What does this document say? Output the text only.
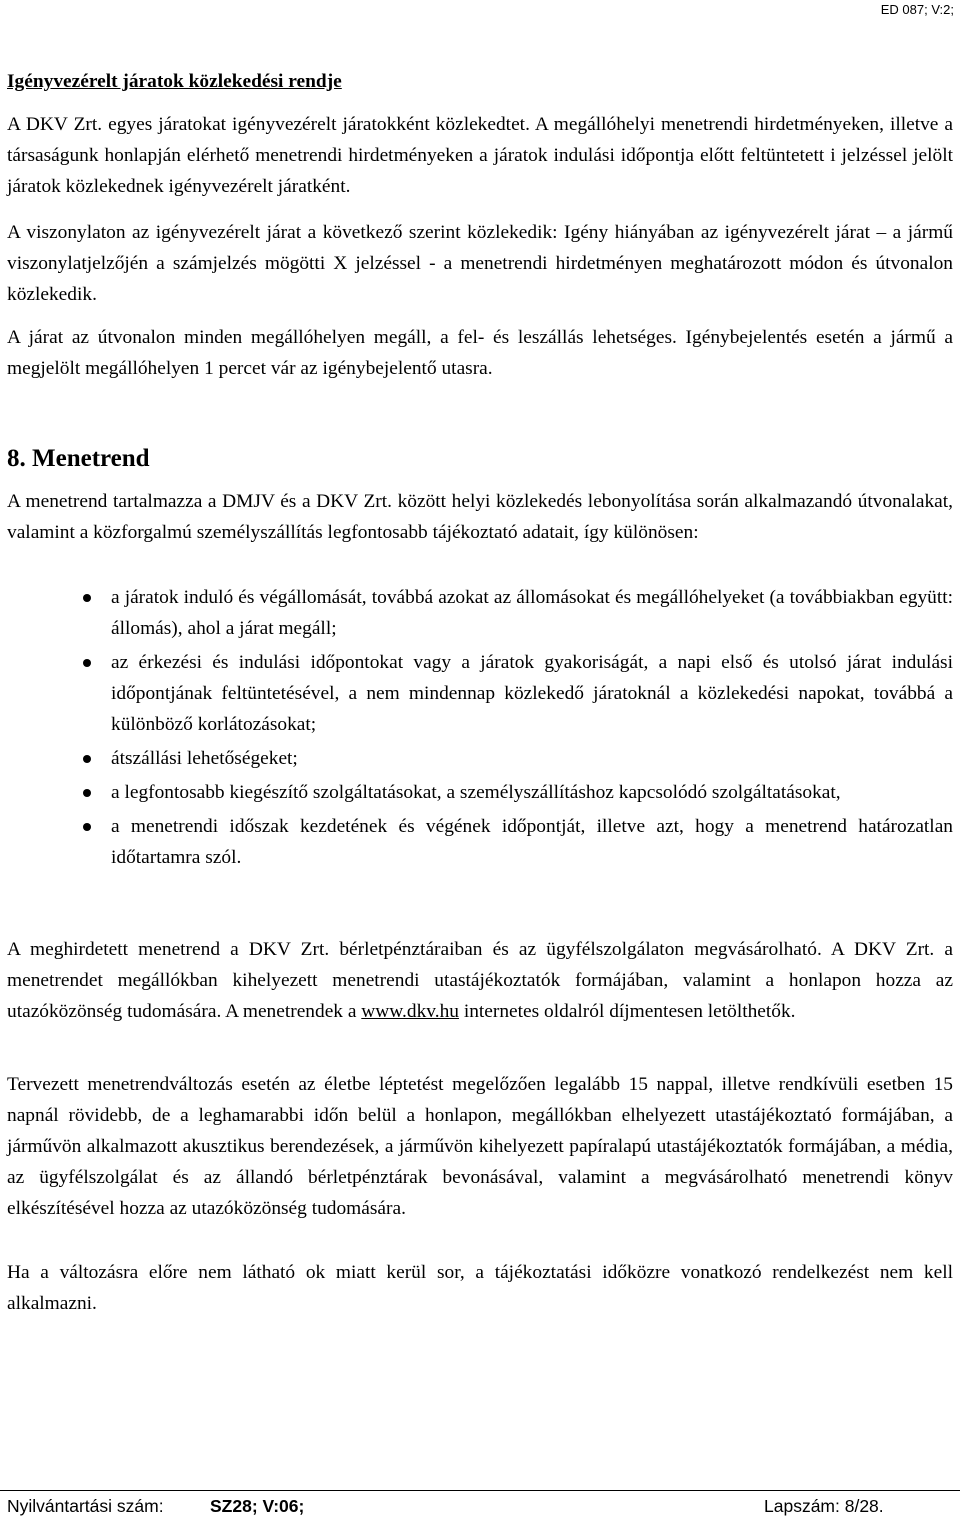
ED 087; V:2;
Igényvezérelt járatok közlekedési rendje

A DKV Zrt. egyes járatokat igényvezérelt járatokként közlekedtet. A megállóhelyi menetrendi hirdetményeken, illetve a társaságunk honlapján elérhető menetrendi hirdetményeken a járatok indulási időpontja előtt feltüntetett i jelzéssel jelölt járatok közlekednek igényvezérelt járatként.

A viszonylaton az igényvezérelt járat a következő szerint közlekedik: Igény hiányában az igényvezérelt járat – a jármű viszonylatjelzőjén a számjelzés mögötti X jelzéssel - a menetrendi hirdetményen meghatározott módon és útvonalon közlekedik.

A járat az útvonalon minden megállóhelyen megáll, a fel- és leszállás lehetséges. Igénybejelentés esetén a jármű a megjelölt megállóhelyen 1 percet vár az igénybejelentő utasra.

8. Menetrend

A menetrend tartalmazza a DMJV és a DKV Zrt. között helyi közlekedés lebonyolítása során alkalmazandó útvonalakat, valamint a közforgalmú személyszállítás legfontosabb tájékoztató adatait, így különösen:

a járatok induló és végállomását, továbbá azokat az állomásokat és megállóhelyeket (a továbbiakban együtt: állomás), ahol a járat megáll;
az érkezési és indulási időpontokat vagy a járatok gyakoriságát, a napi első és utolsó járat indulási időpontjának feltüntetésével, a nem mindennap közlekedő járatoknál a közlekedési napokat, továbbá a különböző korlátozásokat;
átszállási lehetőségeket;
a legfontosabb kiegészítő szolgáltatásokat, a személyszállításhoz kapcsolódó szolgáltatásokat,
a menetrendi időszak kezdetének és végének időpontját, illetve azt, hogy a menetrend határozatlan időtartamra szól.

A meghirdetett menetrend a DKV Zrt. bérletpénztáraiban és az ügyfélszolgálaton megvásárolható. A DKV Zrt. a menetrendet megállókban kihelyezett menetrendi utastájékoztatók formájában, valamint a honlapon hozza az utazóközönség tudomására. A menetrendek a www.dkv.hu internetes oldalról díjmentesen letölthetők.

Tervezett menetrendváltozás esetén az életbe léptetést megelőzően legalább 15 nappal, illetve rendkívüli esetben 15 napnál rövidebb, de a leghamarabbi időn belül a honlapon, megállókban elhelyezett utastájékoztató formájában, a járművön alkalmazott akusztikus berendezések, a járművön kihelyezett papíralapú utastájékoztatók formájában, a média, az ügyfélszolgálat és az állandó bérletpénztárak bevonásával, valamint a megvásárolható menetrendi könyv elkészítésével hozza az utazóközönség tudomására.

Ha a változásra előre nem látható ok miatt kerül sor, a tájékoztatási időközre vonatkozó rendelkezést nem kell alkalmazni.

Nyilvántartási szám:	SZ28; V:06;	Lapszám: 8/28.
